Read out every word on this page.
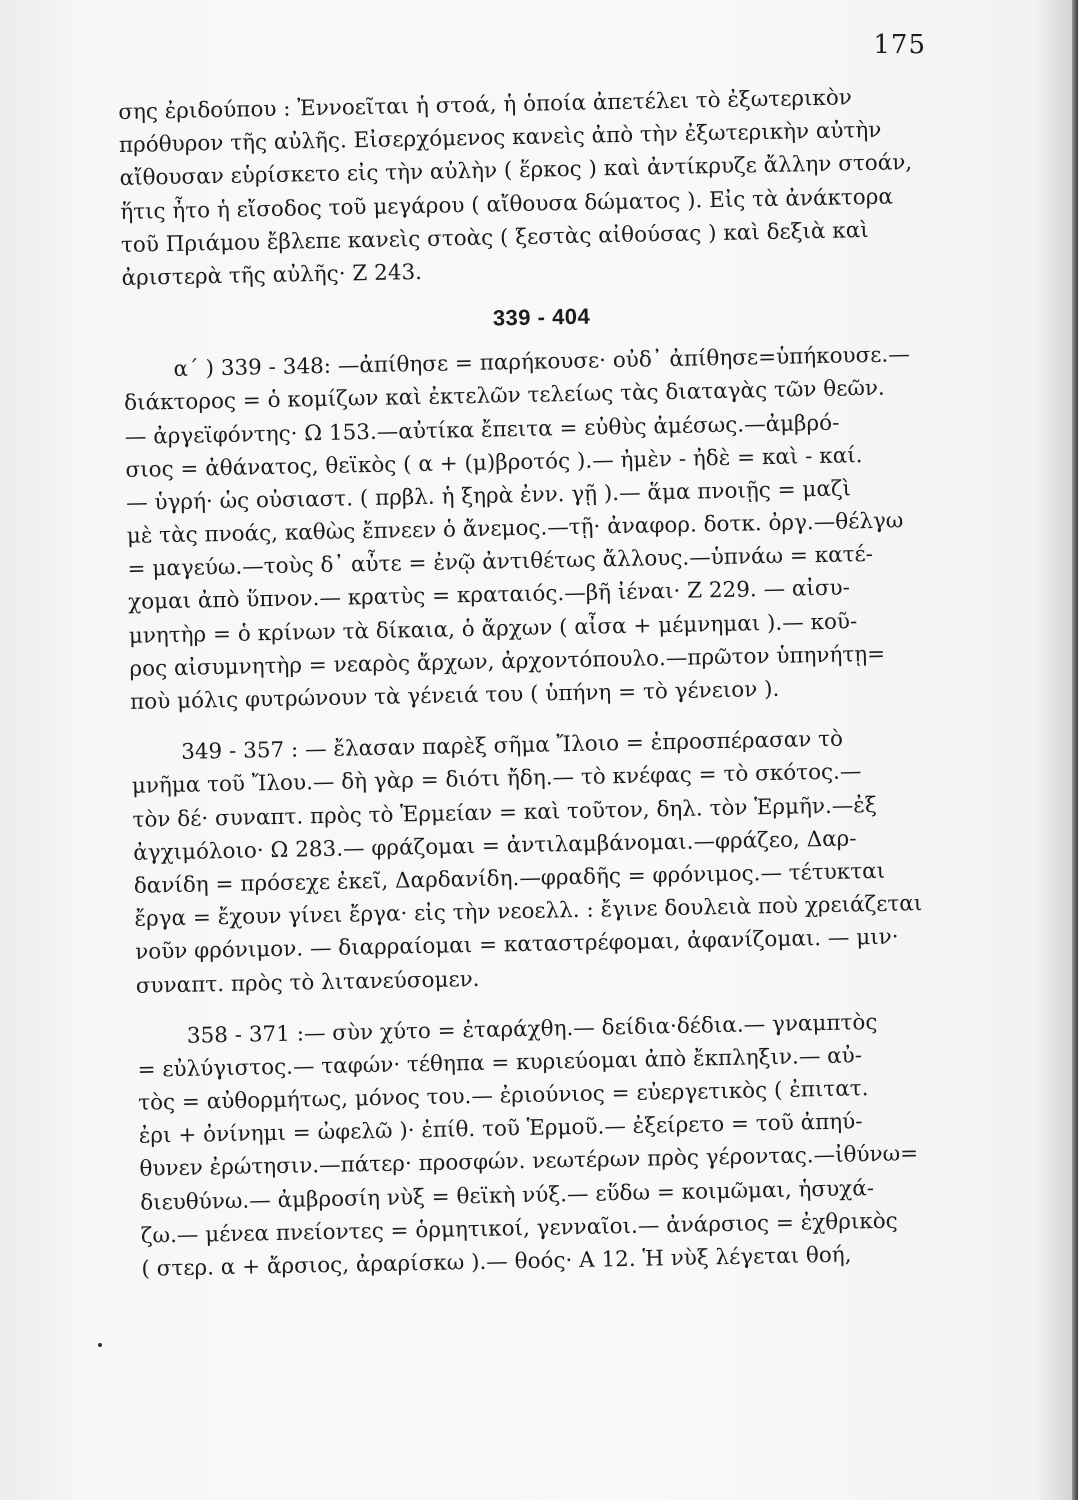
175
σης ἐριδούπου : Ἐννοεῖται ἡ στοά, ἡ ὁποία ἀπετέλει τὸ ἐξωτερικὸν
πρόθυρον τῆς αὐλῆς. Εἰσερχόμενος κανεὶς ἀπὸ τὴν ἐξωτερικὴν αὐτὴν
αἴθουσαν εὑρίσκετο εἰς τὴν αὐλὴν ( ἕρκος ) καὶ ἀντίκρυζε ἄλλην στοάν,
ἥτις ἦτο ἡ εἴσοδος τοῦ μεγάρου ( αἴθουσα δώματος ). Εἰς τὰ ἀνάκτορα
τοῦ Πριάμου ἔβλεπε κανεὶς στοὰς ( ξεστὰς αἰθούσας ) καὶ δεξιὰ καὶ
ἀριστερὰ τῆς αὐλῆς· Ζ 243.
339 - 404
α΄ ) 339 - 348: —ἀπίθησε = παρήκουσε· οὐδ᾽ ἀπίθησε=ὑπήκουσε.—
διάκτορος = ὁ κομίζων καὶ ἐκτελῶν τελείως τὰς διαταγὰς τῶν θεῶν.
— ἀργεϊφόντης· Ω 153.—αὐτίκα ἔπειτα = εὐθὺς ἀμέσως.—ἀμβρό-
σιος = ἀθάνατος, θεϊκὸς ( α + (μ)βροτός ).— ἠμὲν - ἠδὲ = καὶ - καί.
— ὑγρή· ὡς οὐσιαστ. ( πρβλ. ἡ ξηρὰ ἐνν. γῇ ).— ἅμα πνοιῇς = μαζὶ
μὲ τὰς πνοάς, καθὼς ἔπνεεν ὁ ἄνεμος.—τῇ· ἀναφορ. δοτκ. ὀργ.—θέλγω
= μαγεύω.—τοὺς δ᾽ αὖτε = ἐνῷ ἀντιθέτως ἄλλους.—ὑπνάω = κατέ-
χομαι ἀπὸ ὕπνον.— κρατὺς = κραταιός.—βῆ ἰέναι· Ζ 229. — αἰσυ-
μνητὴρ = ὁ κρίνων τὰ δίκαια, ὁ ἄρχων ( αἶσα + μέμνημαι ).— κοῦ-
ρος αἰσυμνητὴρ = νεαρὸς ἄρχων, ἀρχοντόπουλο.—πρῶτον ὑπηνήτῃ=
ποὺ μόλις φυτρώνουν τὰ γένειά του ( ὑπήνη = τὸ γένειον ).
349 - 357 : — ἔλασαν παρὲξ σῆμα Ἴλοιο = ἐπροσπέρασαν τὸ
μνῆμα τοῦ Ἴλου.— δὴ γὰρ = διότι ἤδη.— τὸ κνέφας = τὸ σκότος.—
τὸν δέ· συναπτ. πρὸς τὸ Ἑρμείαν = καὶ τοῦτον, δηλ. τὸν Ἑρμῆν.—ἐξ
ἀγχιμόλοιο· Ω 283.— φράζομαι = ἀντιλαμβάνομαι.—φράζεο, Δαρ-
δανίδη = πρόσεχε ἐκεῖ, Δαρδανίδη.—φραδῆς = φρόνιμος.— τέτυκται
ἔργα = ἔχουν γίνει ἔργα· εἰς τὴν νεοελλ. : ἔγινε δουλειὰ ποὺ χρειάζεται
νοῦν φρόνιμον. — διαρραίομαι = καταστρέφομαι, ἀφανίζομαι. — μιν·
συναπτ. πρὸς τὸ λιτανεύσομεν.
358 - 371 :— σὺν χύτο = ἐταράχθη.— δείδια·δέδια.— γναμπτὸς
= εὐλύγιστος.— ταφών· τέθηπα = κυριεύομαι ἀπὸ ἔκπληξιν.— αὐ-
τὸς = αὐθορμήτως, μόνος του.— ἐριούνιος = εὐεργετικὸς ( ἐπιτατ.
ἐρι + ὀνίνημι = ὠφελῶ )· ἐπίθ. τοῦ Ἑρμοῦ.— ἐξείρετο = τοῦ ἀπηύ-
θυνεν ἐρώτησιν.—πάτερ· προσφών. νεωτέρων πρὸς γέροντας.—ἰθύνω=
διευθύνω.— ἀμβροσίη νὺξ = θεϊκὴ νύξ.— εὕδω = κοιμῶμαι, ἡσυχά-
ζω.— μένεα πνείοντες = ὁρμητικοί, γενναῖοι.— ἀνάρσιος = ἐχθρικὸς
( στερ. α + ἄρσιος, ἀραρίσκω ).— θοός· Α 12. Ἡ νὺξ λέγεται θοή,
